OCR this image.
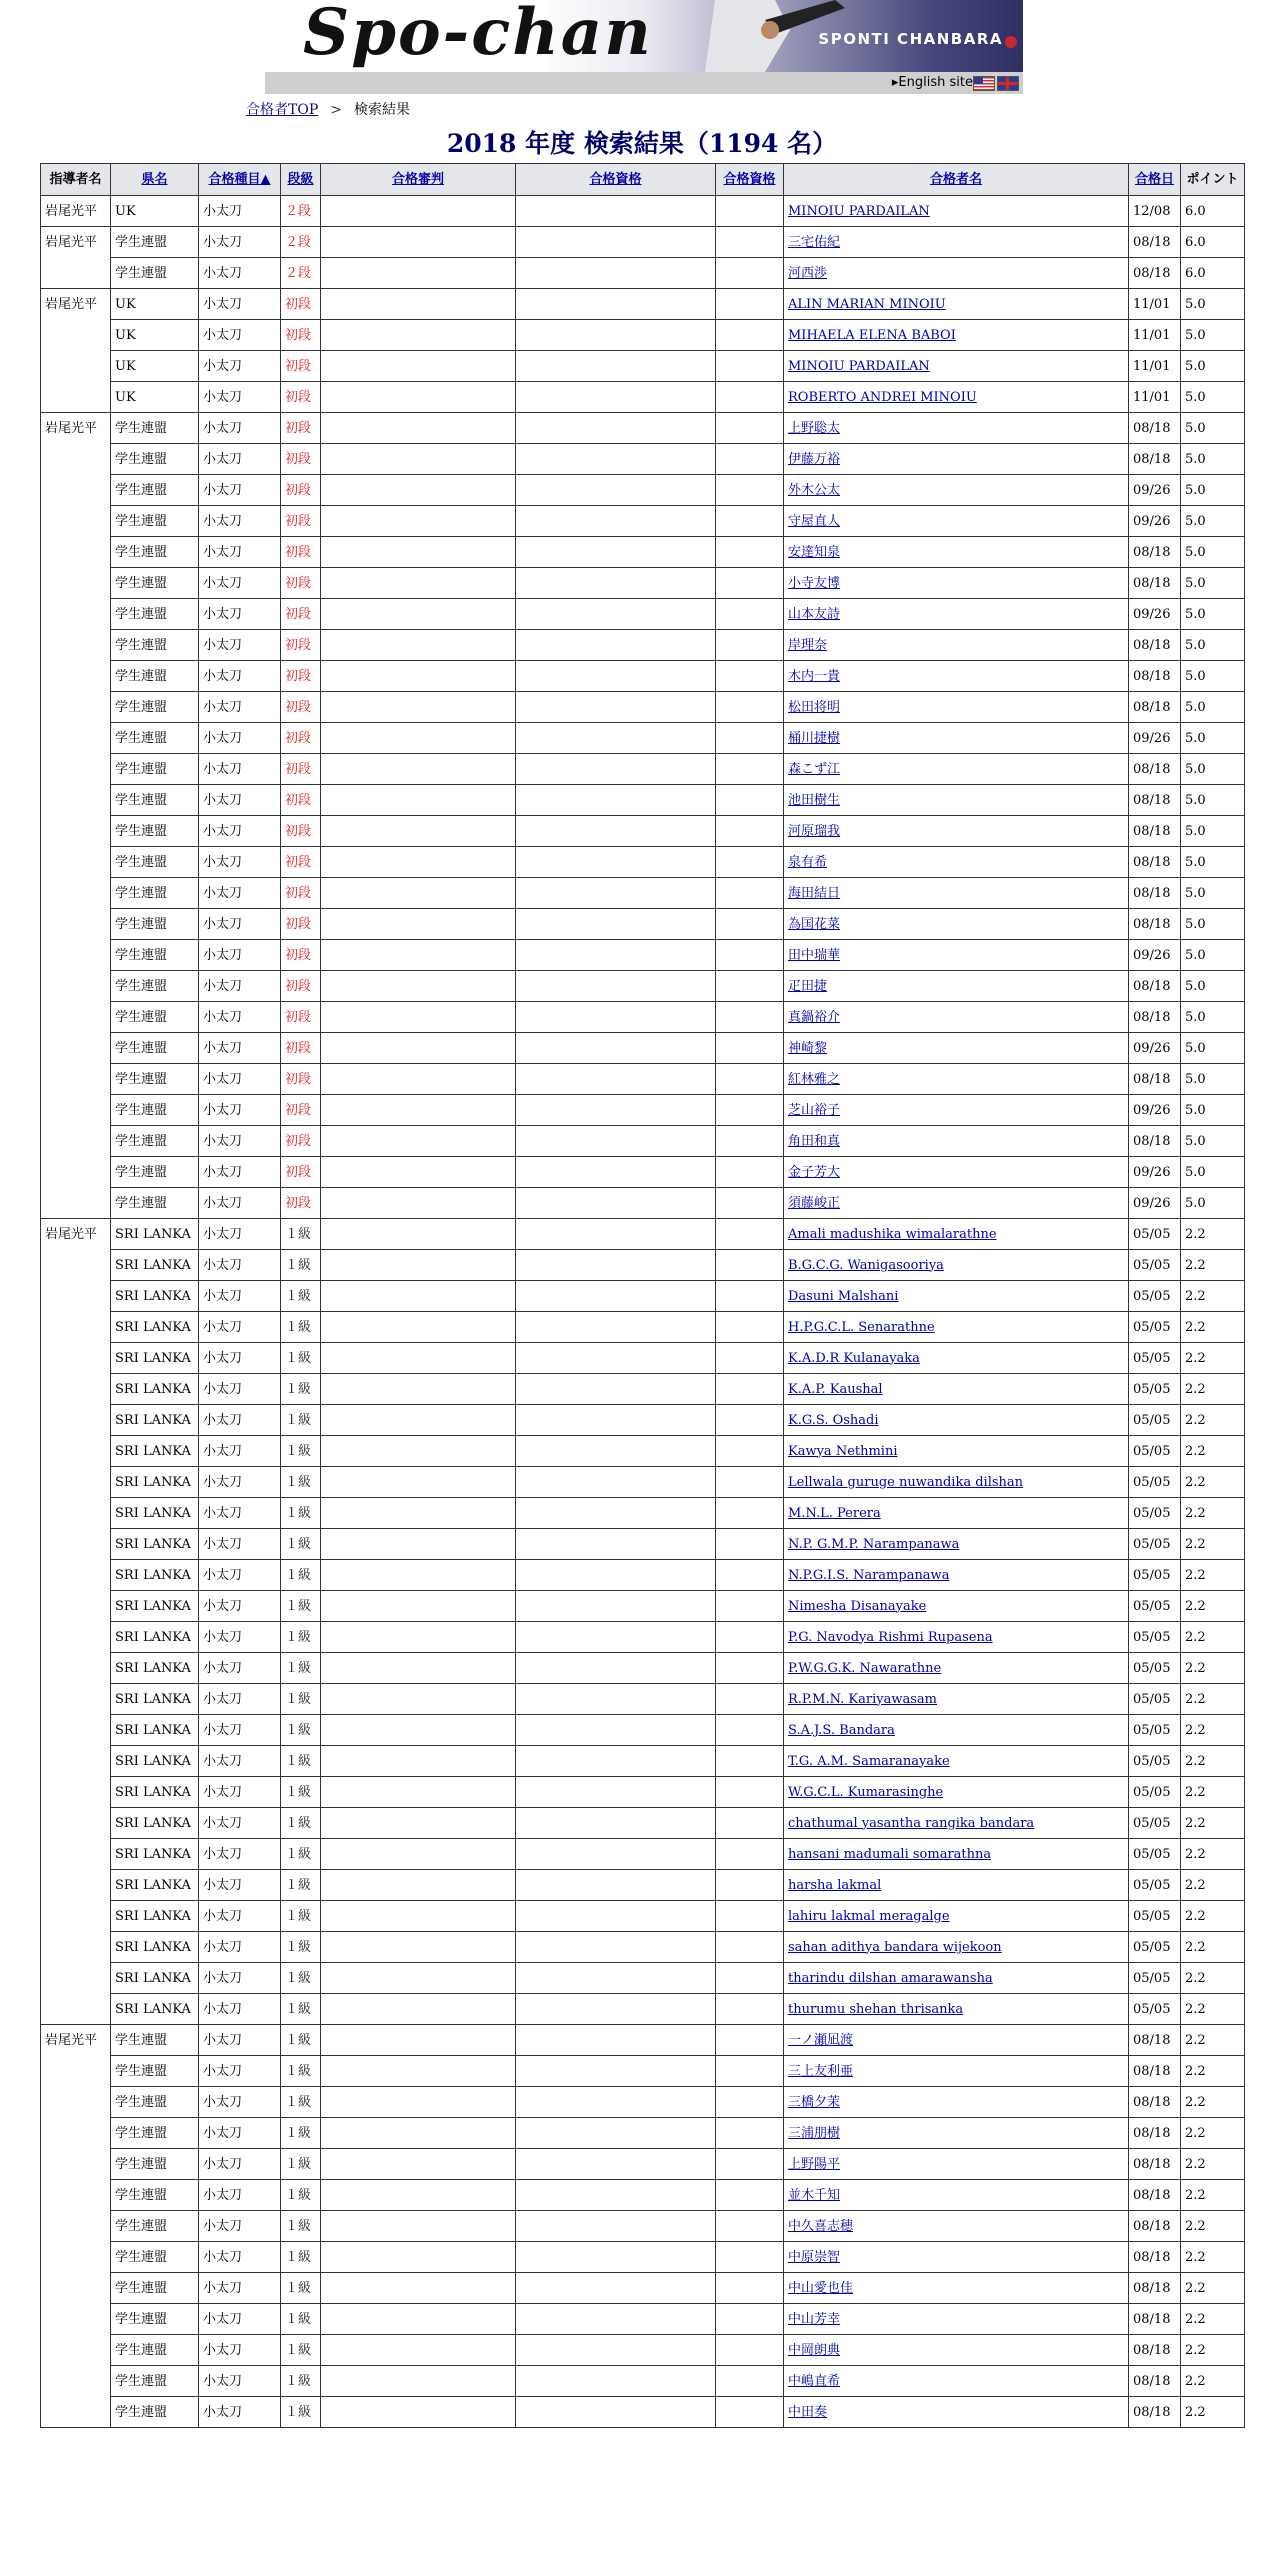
Spo-chan	SPONTI CHANBARA
▸English site
合格者TOP > 検索結果
2018 年度 検索結果（1194 名）
指導者名	県名	合格種目▲	段級	合格審判	合格資格	合格資格	合格者名	合格日	ポイント
岩尾光平	UK	小太刀	２段				MINOIU PARDAILAN	12/08	6.0
岩尾光平	学生連盟	小太刀	２段				三宅佑紀	08/18	6.0
	学生連盟	小太刀	２段				河西渉	08/18	6.0
岩尾光平	UK	小太刀	初段				ALIN MARIAN MINOIU	11/01	5.0
	UK	小太刀	初段				MIHAELA ELENA BABOI	11/01	5.0
	UK	小太刀	初段				MINOIU PARDAILAN	11/01	5.0
	UK	小太刀	初段				ROBERTO ANDREI MINOIU	11/01	5.0
岩尾光平	学生連盟	小太刀	初段				上野聡太	08/18	5.0
	学生連盟	小太刀	初段				伊藤万裕	08/18	5.0
	学生連盟	小太刀	初段				外木公太	09/26	5.0
	学生連盟	小太刀	初段				守屋直人	09/26	5.0
	学生連盟	小太刀	初段				安達知泉	08/18	5.0
	学生連盟	小太刀	初段				小寺友博	08/18	5.0
	学生連盟	小太刀	初段				山本友詩	09/26	5.0
	学生連盟	小太刀	初段				岸理奈	08/18	5.0
	学生連盟	小太刀	初段				木内一貴	08/18	5.0
	学生連盟	小太刀	初段				松田将明	08/18	5.0
	学生連盟	小太刀	初段				桶川捷樹	09/26	5.0
	学生連盟	小太刀	初段				森こず江	08/18	5.0
	学生連盟	小太刀	初段				池田樹生	08/18	5.0
	学生連盟	小太刀	初段				河原瑠我	08/18	5.0
	学生連盟	小太刀	初段				泉有希	08/18	5.0
	学生連盟	小太刀	初段				海田結日	08/18	5.0
	学生連盟	小太刀	初段				為国花菜	08/18	5.0
	学生連盟	小太刀	初段				田中瑞華	09/26	5.0
	学生連盟	小太刀	初段				疋田捷	08/18	5.0
	学生連盟	小太刀	初段				真鍋裕介	08/18	5.0
	学生連盟	小太刀	初段				神崎黎	09/26	5.0
	学生連盟	小太刀	初段				紅林雅之	08/18	5.0
	学生連盟	小太刀	初段				芝山裕子	09/26	5.0
	学生連盟	小太刀	初段				角田和真	08/18	5.0
	学生連盟	小太刀	初段				金子芳大	09/26	5.0
	学生連盟	小太刀	初段				須藤峻正	09/26	5.0
岩尾光平	SRI LANKA	小太刀	１級				Amali madushika wimalarathne	05/05	2.2
	SRI LANKA	小太刀	１級				B.G.C.G. Wanigasooriya	05/05	2.2
	SRI LANKA	小太刀	１級				Dasuni Malshani	05/05	2.2
	SRI LANKA	小太刀	１級				H.P.G.C.L. Senarathne	05/05	2.2
	SRI LANKA	小太刀	１級				K.A.D.R Kulanayaka	05/05	2.2
	SRI LANKA	小太刀	１級				K.A.P. Kaushal	05/05	2.2
	SRI LANKA	小太刀	１級				K.G.S. Oshadi	05/05	2.2
	SRI LANKA	小太刀	１級				Kawya Nethmini	05/05	2.2
	SRI LANKA	小太刀	１級				Lellwala guruge nuwandika dilshan	05/05	2.2
	SRI LANKA	小太刀	１級				M.N.L. Perera	05/05	2.2
	SRI LANKA	小太刀	１級				N.P. G.M.P. Narampanawa	05/05	2.2
	SRI LANKA	小太刀	１級				N.P.G.I.S. Narampanawa	05/05	2.2
	SRI LANKA	小太刀	１級				Nimesha Disanayake	05/05	2.2
	SRI LANKA	小太刀	１級				P.G. Navodya Rishmi Rupasena	05/05	2.2
	SRI LANKA	小太刀	１級				P.W.G.G.K. Nawarathne	05/05	2.2
	SRI LANKA	小太刀	１級				R.P.M.N. Kariyawasam	05/05	2.2
	SRI LANKA	小太刀	１級				S.A.J.S. Bandara	05/05	2.2
	SRI LANKA	小太刀	１級				T.G. A.M. Samaranayake	05/05	2.2
	SRI LANKA	小太刀	１級				W.G.C.L. Kumarasinghe	05/05	2.2
	SRI LANKA	小太刀	１級				chathumal yasantha rangika bandara	05/05	2.2
	SRI LANKA	小太刀	１級				hansani madumali somarathna	05/05	2.2
	SRI LANKA	小太刀	１級				harsha lakmal	05/05	2.2
	SRI LANKA	小太刀	１級				lahiru lakmal meragalge	05/05	2.2
	SRI LANKA	小太刀	１級				sahan adithya bandara wijekoon	05/05	2.2
	SRI LANKA	小太刀	１級				tharindu dilshan amarawansha	05/05	2.2
	SRI LANKA	小太刀	１級				thurumu shehan thrisanka	05/05	2.2
岩尾光平	学生連盟	小太刀	１級				一ノ瀬凪渡	08/18	2.2
	学生連盟	小太刀	１級				三上友利亜	08/18	2.2
	学生連盟	小太刀	１級				三橋夕茉	08/18	2.2
	学生連盟	小太刀	１級				三浦朋樹	08/18	2.2
	学生連盟	小太刀	１級				上野陽平	08/18	2.2
	学生連盟	小太刀	１級				並木千知	08/18	2.2
	学生連盟	小太刀	１級				中久喜志穂	08/18	2.2
	学生連盟	小太刀	１級				中原崇智	08/18	2.2
	学生連盟	小太刀	１級				中山愛也佳	08/18	2.2
	学生連盟	小太刀	１級				中山芳幸	08/18	2.2
	学生連盟	小太刀	１級				中岡朗典	08/18	2.2
	学生連盟	小太刀	１級				中嶋直希	08/18	2.2
	学生連盟	小太刀	１級				中田奏	08/18	2.2
